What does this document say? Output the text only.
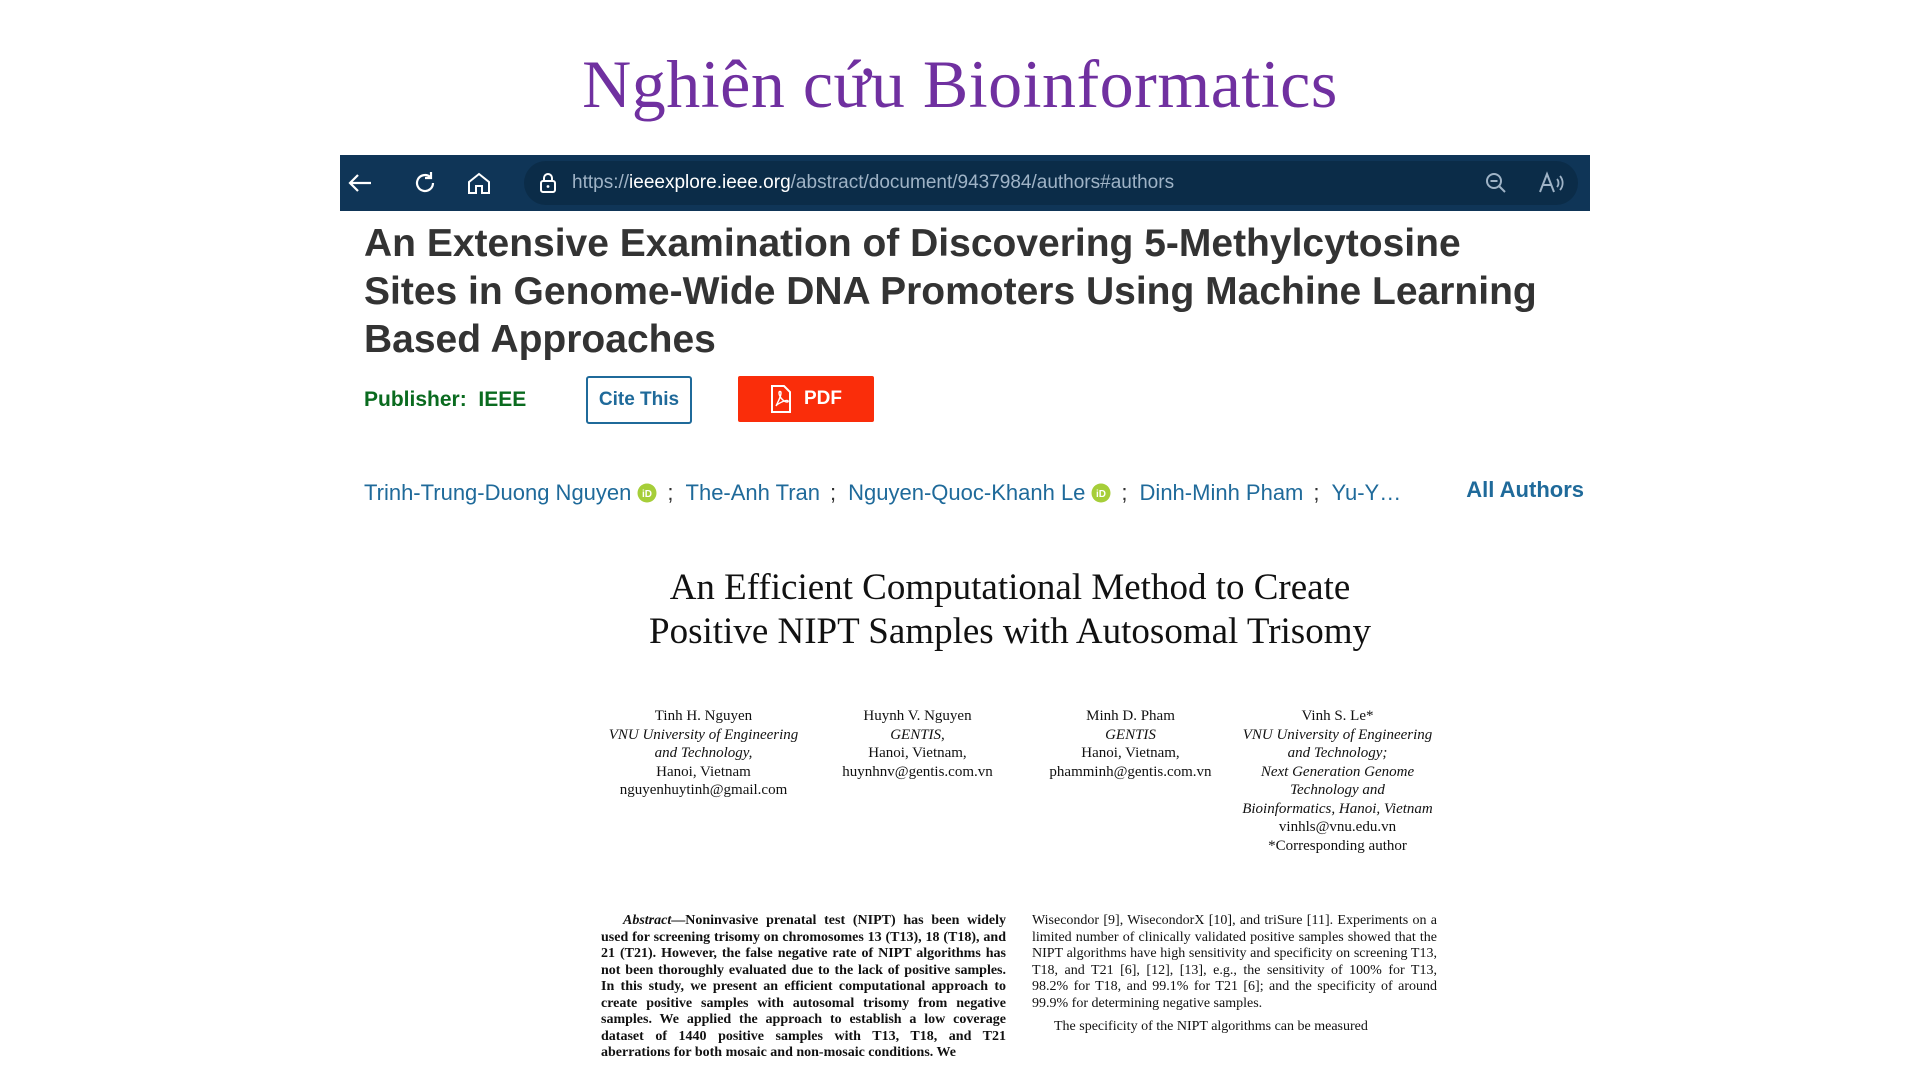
Nghiên cứu Bioinformatics
https://ieeexplore.ieee.org/abstract/document/9437984/authors#authors
An Extensive Examination of Discovering 5-Methylcytosine Sites in Genome-Wide DNA Promoters Using Machine Learning Based Approaches
Publisher: IEEE	Cite This	PDF
Trinh-Trung-Duong Nguyen iD ; The-Anh Tran ; Nguyen-Quoc-Khanh Le iD ; Dinh-Minh Pham ; Yu-Y…	All Authors
An Efficient Computational Method to Create
Positive NIPT Samples with Autosomal Trisomy
Tinh H. Nguyen
VNU University of Engineering
and Technology,
Hanoi, Vietnam
nguyenhuytinh@gmail.com
Huynh V. Nguyen
GENTIS,
Hanoi, Vietnam,
huynhnv@gentis.com.vn
Minh D. Pham
GENTIS
Hanoi, Vietnam,
phamminh@gentis.com.vn
Vinh S. Le*
VNU University of Engineering
and Technology;
Next Generation Genome
Technology and
Bioinformatics, Hanoi, Vietnam
vinhls@vnu.edu.vn
*Corresponding author

Abstract—Noninvasive prenatal test (NIPT) has been widely used for screening trisomy on chromosomes 13 (T13), 18 (T18), and 21 (T21). However, the false negative rate of NIPT algorithms has not been thoroughly evaluated due to the lack of positive samples. In this study, we present an efficient computational approach to create positive samples with autosomal trisomy from negative samples. We applied the approach to establish a low coverage dataset of 1440 positive samples with T13, T18, and T21 aberrations for both mosaic and non-mosaic conditions. We

Wisecondor [9], WisecondorX [10], and triSure [11]. Experiments on a limited number of clinically validated positive samples showed that the NIPT algorithms have high sensitivity and specificity on screening T13, T18, and T21 [6], [12], [13], e.g., the sensitivity of 100% for T13, 98.2% for T18, and 99.1% for T21 [6]; and the specificity of around 99.9% for determining negative samples.

The specificity of the NIPT algorithms can be measured
